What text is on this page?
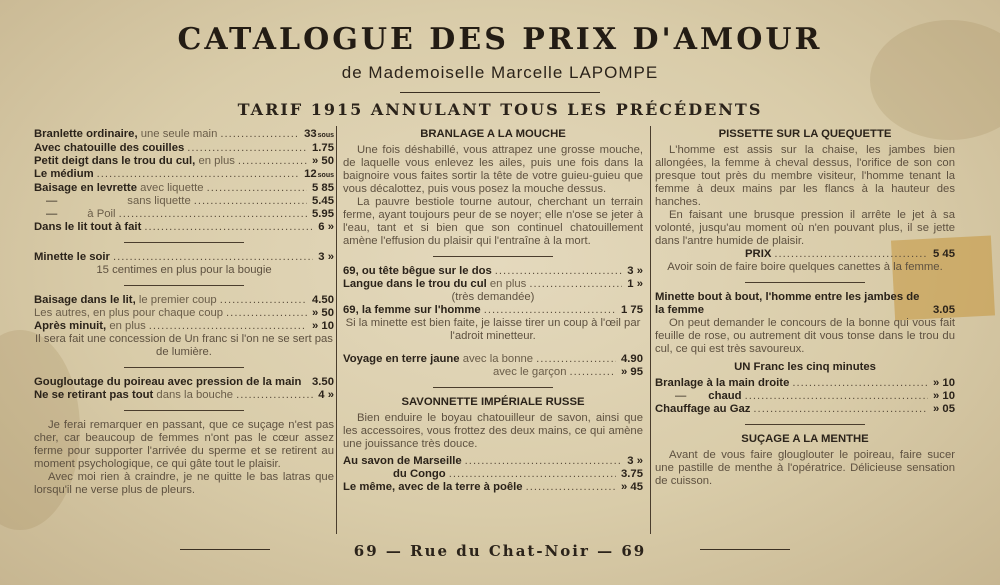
CATALOGUE DES PRIX D'AMOUR
de Mademoiselle Marcelle LAPOMPE
TARIF 1915 ANNULANT TOUS LES PRÉCÉDENTS
Branlette ordinaire,
une seule main .....	33 sous
Avec chatouille des couilles .....	1.75
Petit deigt dans le trou du cul,
en plus .....	» 50
Le médium .....	12 sous
Baisage en levrette
avec liquette .....	5 85
—	sans liquette .....	5.45
—	à Poil .....	5.95
Dans le lit tout à fait .....	6 »
Minette le soir .....	3 »
15 centimes en plus pour la bougie
Baisage dans le lit,
le premier coup .....	4.50
Les autres, en plus pour chaque coup .....	» 50
Après minuit,
en plus .....	» 10
Il sera fait une concession de Un franc si l'on ne se sert pas de lumière.
Gougloutage du poireau avec pression de la main 3.50
Ne se retirant pas tout
dans la bouche .....	4 »
Je ferai remarquer en passant, que ce suçage n'est pas cher, car beaucoup de femmes n'ont pas le cœur assez ferme pour supporter l'arrivée du sperme et se retirent au moment psychologique, ce qui gâte tout le plaisir.
Avec moi rien à craindre, je ne quitte le bas latras que lorsqu'il ne verse plus de pleurs.
BRANLAGE A LA MOUCHE
Une fois déshabillé, vous attrapez une grosse mouche, de laquelle vous enlevez les ailes, puis une fois dans la baignoire vous faites sortir la tête de votre guieu-guieu que vous décalottez, puis vous posez la mouche dessus.
La pauvre bestiole tourne autour, cherchant un terrain ferme, ayant toujours peur de se noyer; elle n'ose se jeter à l'eau, tant et si bien que son continuel chatouillement amène l'effusion du plaisir qui l'entraîne à la mort.
69, ou tête bêgue sur le dos .....	3 »
Langue dans le trou du cul
en plus .....	1 »
(très demandée)
69, la femme sur l'homme .....	1 75
Si la minette est bien faite, je laisse tirer un coup à l'œil par l'adroit minetteur.
Voyage en terre jaune
avec la bonne .....	4.90
avec le garçon .....	» 95
SAVONNETTE IMPÉRIALE RUSSE
Bien enduire le boyau chatouilleur de savon, ainsi que les accessoires, vous frottez des deux mains, ce qui amène une jouissance très douce.
Au savon de Marseille .....	3 »
du Congo .....	3.75
Le même, avec de la terre à poêle .....	» 45
PISSETTE SUR LA QUEQUETTE
L'homme est assis sur la chaise, les jambes bien allongées, la femme à cheval dessus, l'orifice de son con presque tout près du membre visiteur, l'homme tenant la femme à deux mains par les flancs à la hauteur des hanches.
En faisant une brusque pression il arrête le jet à sa volonté, jusqu'au moment où n'en pouvant plus, il se jette dans l'antre humide de plaisir.
PRIX .....	5 45
Avoir soin de faire boire quelques canettes à la femme.
Minette bout à bout, l'homme entre les jambes de la femme	3.05
On peut demander le concours de la bonne qui vous fait feuille de rose, ou autrement dit vous tonse dans le trou du cul, ce qui est très savoureux.
UN Franc les cinq minutes
Branlage à la main droite .....	» 10
— chaud .....	» 10
Chauffage au Gaz .....	» 05
SUÇAGE A LA MENTHE
Avant de vous faire glouglouter le poireau, faire sucer une pastille de menthe à l'opératrice. Délicieuse sensation de cuisson.
69 — Rue du Chat-Noir — 69
